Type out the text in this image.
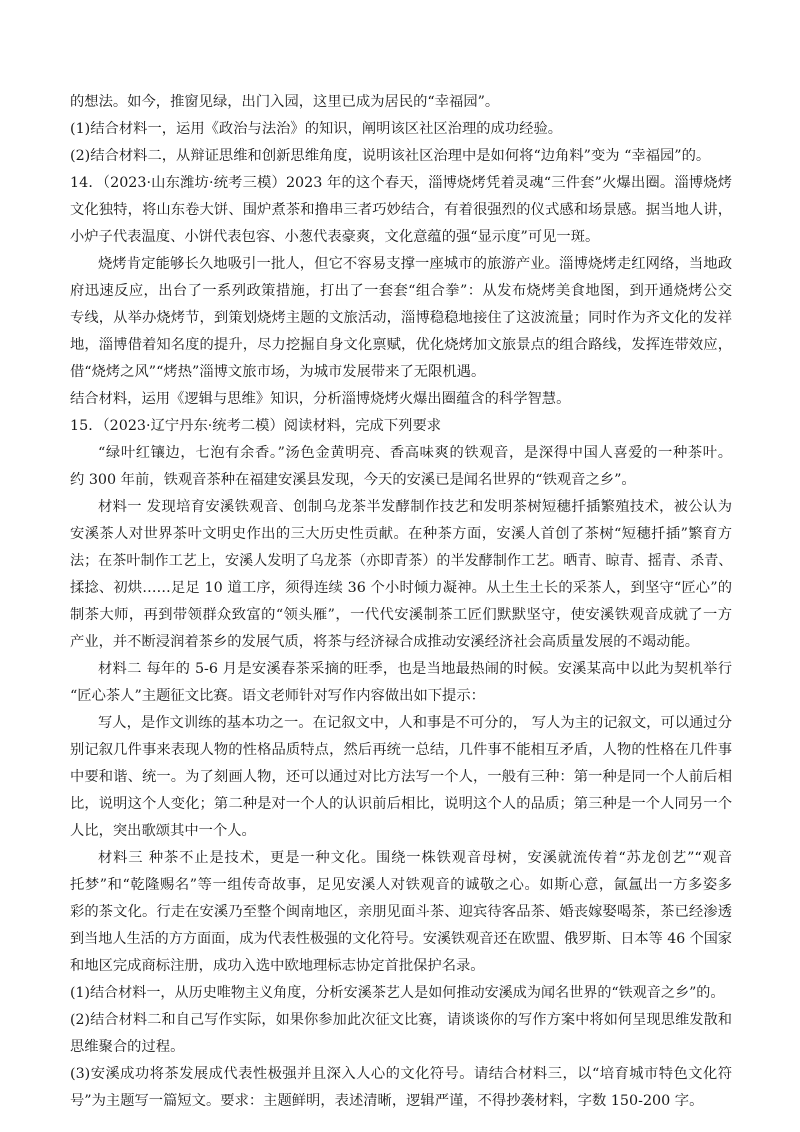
的想法。如今，推窗见绿，出门入园，这里已成为居民的“幸福园”。
(1)结合材料一，运用《政治与法治》的知识，阐明该区社区治理的成功经验。
(2)结合材料二，从辩证思维和创新思维角度，说明该社区治理中是如何将“边角料”变为 “幸福园”的。
14．（2023·山东潍坊·统考三模）2023 年的这个春天，淄博烧烤凭着灵魂“三件套”火爆出圈。淄博烧烤
文化独特，将山东卷大饼、围炉煮茶和撸串三者巧妙结合，有着很强烈的仪式感和场景感。据当地人讲，
小炉子代表温度、小饼代表包容、小葱代表豪爽，文化意蕴的强“显示度”可见一斑。
烧烤肯定能够长久地吸引一批人，但它不容易支撑一座城市的旅游产业。淄博烧烤走红网络，当地政
府迅速反应，出台了一系列政策措施，打出了一套套“组合拳”：从发布烧烤美食地图，到开通烧烤公交
专线，从举办烧烤节，到策划烧烤主题的文旅活动，淄博稳稳地接住了这波流量；同时作为齐文化的发祥
地，淄博借着知名度的提升，尽力挖掘自身文化禀赋，优化烧烤加文旅景点的组合路线，发挥连带效应，
借“烧烤之风”“烤热”淄博文旅市场，为城市发展带来了无限机遇。
结合材料，运用《逻辑与思维》知识，分析淄博烧烤火爆出圈蕴含的科学智慧。
15．（2023·辽宁丹东·统考二模）阅读材料，完成下列要求
“绿叶红镶边，七泡有余香。”汤色金黄明亮、香高味爽的铁观音，是深得中国人喜爱的一种茶叶。
约 300 年前，铁观音茶种在福建安溪县发现，今天的安溪已是闻名世界的“铁观音之乡”。
材料一 发现培育安溪铁观音、创制乌龙茶半发酵制作技艺和发明茶树短穗扦插繁殖技术，被公认为
安溪茶人对世界茶叶文明史作出的三大历史性贡献。在种茶方面，安溪人首创了茶树“短穗扦插”繁育方
法；在茶叶制作工艺上，安溪人发明了乌龙茶（亦即青茶）的半发酵制作工艺。晒青、晾青、摇青、杀青、
揉捻、初烘……足足 10 道工序，须得连续 36 个小时倾力凝神。从土生土长的采茶人，到坚守“匠心”的
制茶大师，再到带领群众致富的“领头雁”，一代代安溪制茶工匠们默默坚守，使安溪铁观音成就了一方
产业，并不断浸润着茶乡的发展气质，将茶与经济禄合成推动安溪经济社会高质量发展的不竭动能。
材料二 每年的 5-6 月是安溪春茶采摘的旺季，也是当地最热闹的时候。安溪某高中以此为契机举行
“匠心茶人”主题征文比赛。语文老师针对写作内容做出如下提示：
写人，是作文训练的基本功之一。在记叙文中，人和事是不可分的， 写人为主的记叙文，可以通过分
别记叙几件事来表现人物的性格品质特点，然后再统一总结，几件事不能相互矛盾，人物的性格在几件事
中要和谐、统一。为了刻画人物，还可以通过对比方法写一个人，一般有三种：第一种是同一个人前后相
比，说明这个人变化；第二种是对一个人的认识前后相比，说明这个人的品质；第三种是一个人同另一个
人比，突出歌颂其中一个人。
材料三 种茶不止是技术，更是一种文化。围绕一株铁观音母树，安溪就流传着“苏龙创艺”“观音
托梦”和“乾隆赐名”等一组传奇故事，足见安溪人对铁观音的诚敬之心。如斯心意，氤氲出一方多姿多
彩的茶文化。行走在安溪乃至整个闽南地区，亲朋见面斗茶、迎宾待客品茶、婚丧嫁娶喝茶，茶已经渗透
到当地人生活的方方面面，成为代表性极强的文化符号。安溪铁观音还在欧盟、俄罗斯、日本等 46 个国家
和地区完成商标注册，成功入选中欧地理标志协定首批保护名录。
(1)结合材料一，从历史唯物主义角度，分析安溪茶艺人是如何推动安溪成为闻名世界的“铁观音之乡”的。
(2)结合材料二和自己写作实际，如果你参加此次征文比赛，请谈谈你的写作方案中将如何呈现思维发散和
思维聚合的过程。
(3)安溪成功将茶发展成代表性极强并且深入人心的文化符号。请结合材料三，以“培育城市特色文化符
号”为主题写一篇短文。要求：主题鲜明，表述清晰，逻辑严谨，不得抄袭材料，字数 150-200 字。
